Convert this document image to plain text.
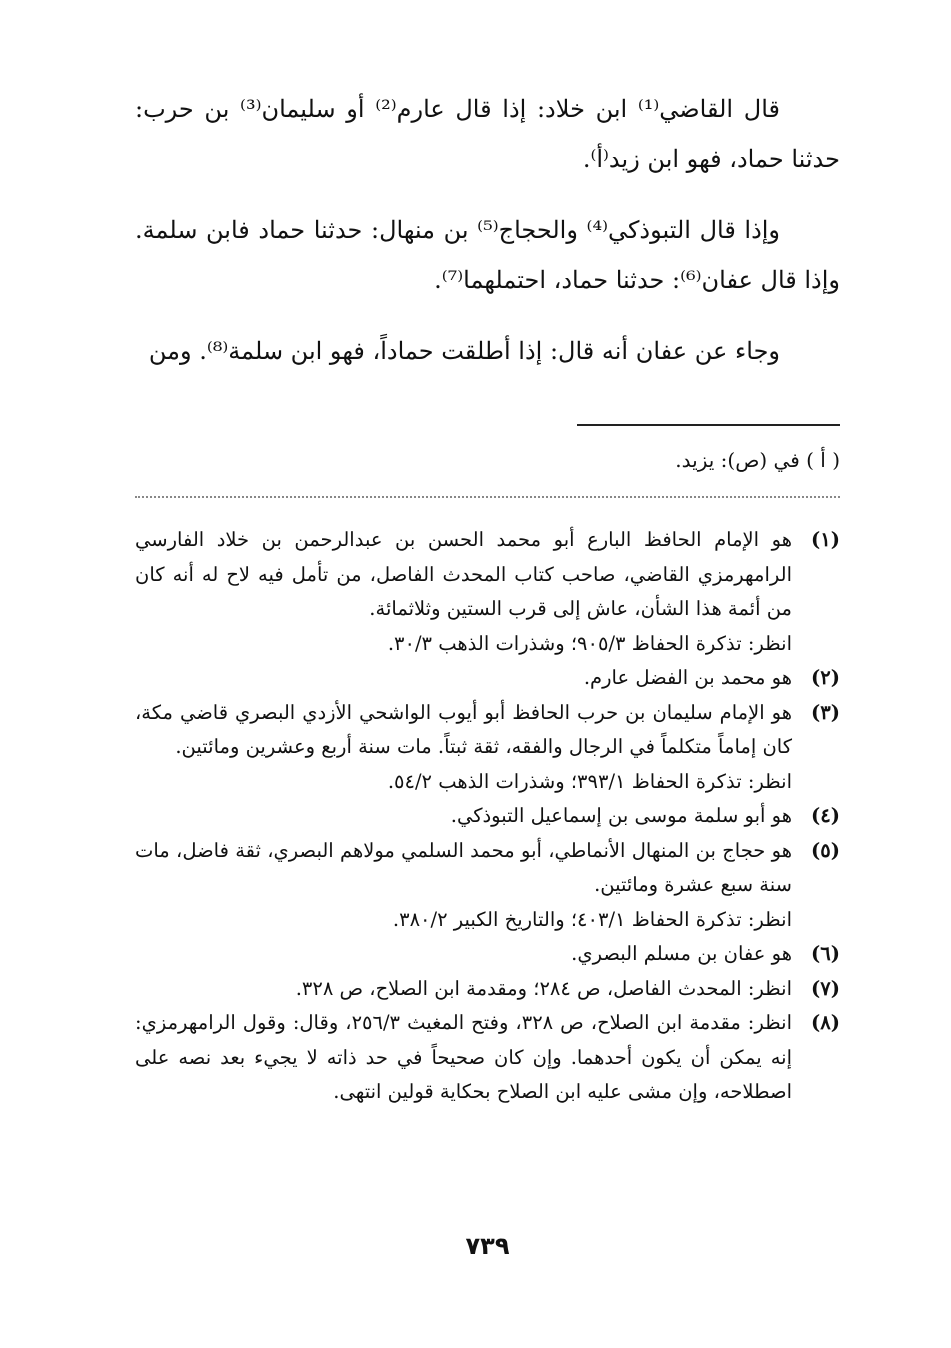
قال القاضي⁽¹⁾ ابن خلاد: إذا قال عارم⁽²⁾ أو سليمان⁽³⁾ بن حرب: حدثنا حماد، فهو ابن زيد⁽أ⁾.

وإذا قال التبوذكي⁽⁴⁾ والحجاج⁽⁵⁾ بن منهال: حدثنا حماد فابن سلمة. وإذا قال عفان⁽⁶⁾: حدثنا حماد، احتملهما⁽⁷⁾.

وجاء عن عفان أنه قال: إذا أطلقت حماداً، فهو ابن سلمة⁽⁸⁾. ومن

( أ ) في (ص): يزيد.
(١)
هو الإمام الحافظ البارع أبو محمد الحسن بن عبدالرحمن بن خلاد الفارسي الرامهرمزي القاضي، صاحب كتاب المحدث الفاصل، من تأمل فيه لاح له أنه كان من أئمة هذا الشأن، عاش إلى قرب الستين وثلاثمائة.
انظر: تذكرة الحفاظ ٩٠٥/٣؛ وشذرات الذهب ٣٠/٣.
(٢)
هو محمد بن الفضل عارم.
(٣)
هو الإمام سليمان بن حرب الحافظ أبو أيوب الواشحي الأزدي البصري قاضي مكة، كان إماماً متكلماً في الرجال والفقه، ثقة ثبتاً. مات سنة أربع وعشرين ومائتين.
انظر: تذكرة الحفاظ ٣٩٣/١؛ وشذرات الذهب ٥٤/٢.
(٤)
هو أبو سلمة موسى بن إسماعيل التبوذكي.
(٥)
هو حجاج بن المنهال الأنماطي، أبو محمد السلمي مولاهم البصري، ثقة فاضل، مات سنة سبع عشرة ومائتين.
انظر: تذكرة الحفاظ ٤٠٣/١؛ والتاريخ الكبير ٣٨٠/٢.
(٦)
هو عفان بن مسلم البصري.
(٧)
انظر: المحدث الفاصل، ص ٢٨٤؛ ومقدمة ابن الصلاح، ص ٣٢٨.
(٨)
انظر: مقدمة ابن الصلاح، ص ٣٢٨، وفتح المغيث ٢٥٦/٣، وقال: وقول الرامهرمزي: إنه يمكن أن يكون أحدهما. وإن كان صحيحاً في حد ذاته لا يجيء بعد نصه على اصطلاحه، وإن مشى عليه ابن الصلاح بحكاية قولين انتهى.
٧٣٩
